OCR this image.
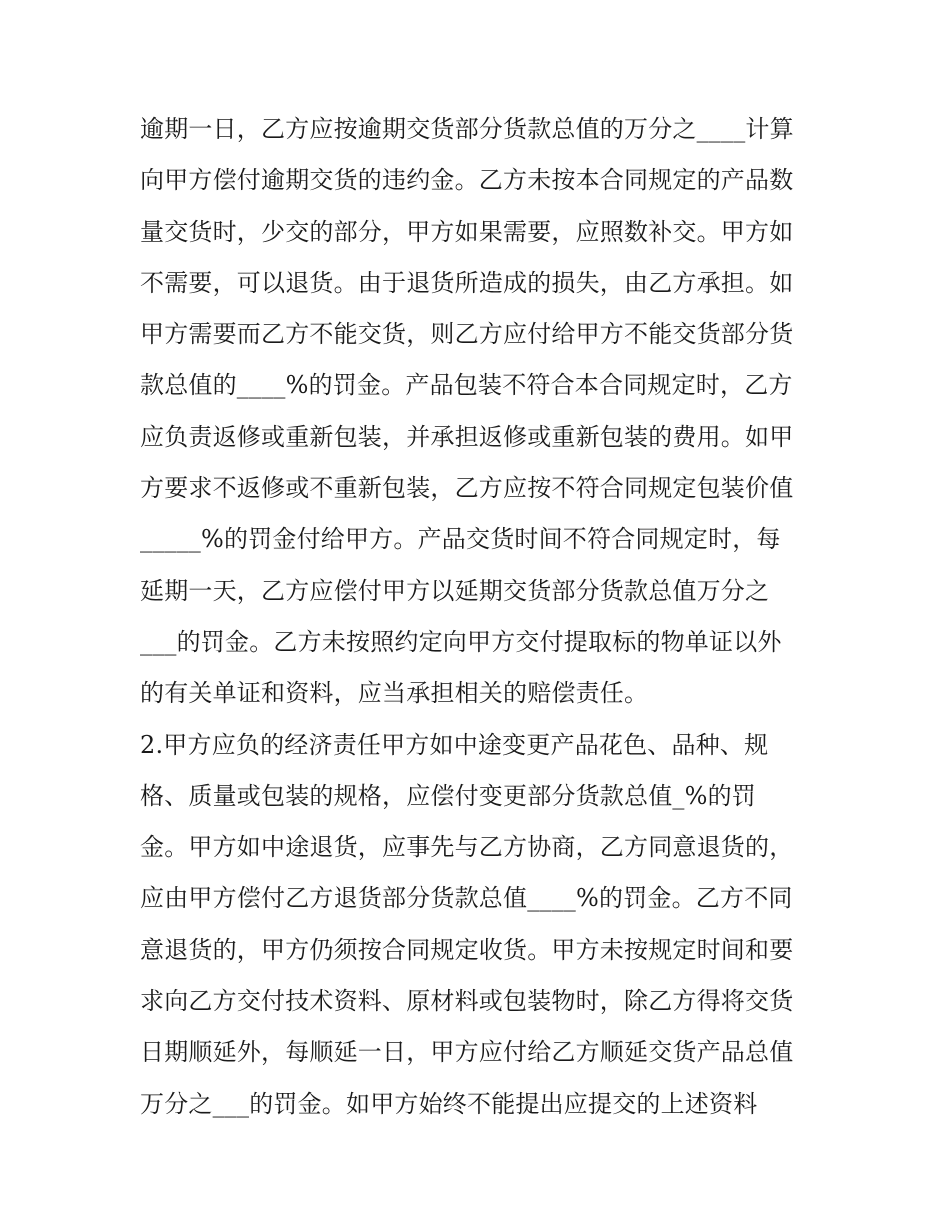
逾期一日，乙方应按逾期交货部分货款总值的万分之____计算
向甲方偿付逾期交货的违约金。乙方未按本合同规定的产品数
量交货时，少交的部分，甲方如果需要，应照数补交。甲方如
不需要，可以退货。由于退货所造成的损失，由乙方承担。如
甲方需要而乙方不能交货，则乙方应付给甲方不能交货部分货
款总值的____%的罚金。产品包装不符合本合同规定时，乙方
应负责返修或重新包装，并承担返修或重新包装的费用。如甲
方要求不返修或不重新包装，乙方应按不符合同规定包装价值
_____%的罚金付给甲方。产品交货时间不符合同规定时，每
延期一天，乙方应偿付甲方以延期交货部分货款总值万分之
___的罚金。乙方未按照约定向甲方交付提取标的物单证以外
的有关单证和资料，应当承担相关的赔偿责任。
2.甲方应负的经济责任甲方如中途变更产品花色、品种、规
格、质量或包装的规格，应偿付变更部分货款总值_%的罚
金。甲方如中途退货，应事先与乙方协商，乙方同意退货的，
应由甲方偿付乙方退货部分货款总值____%的罚金。乙方不同
意退货的，甲方仍须按合同规定收货。甲方未按规定时间和要
求向乙方交付技术资料、原材料或包装物时，除乙方得将交货
日期顺延外，每顺延一日，甲方应付给乙方顺延交货产品总值
万分之___的罚金。如甲方始终不能提出应提交的上述资料
